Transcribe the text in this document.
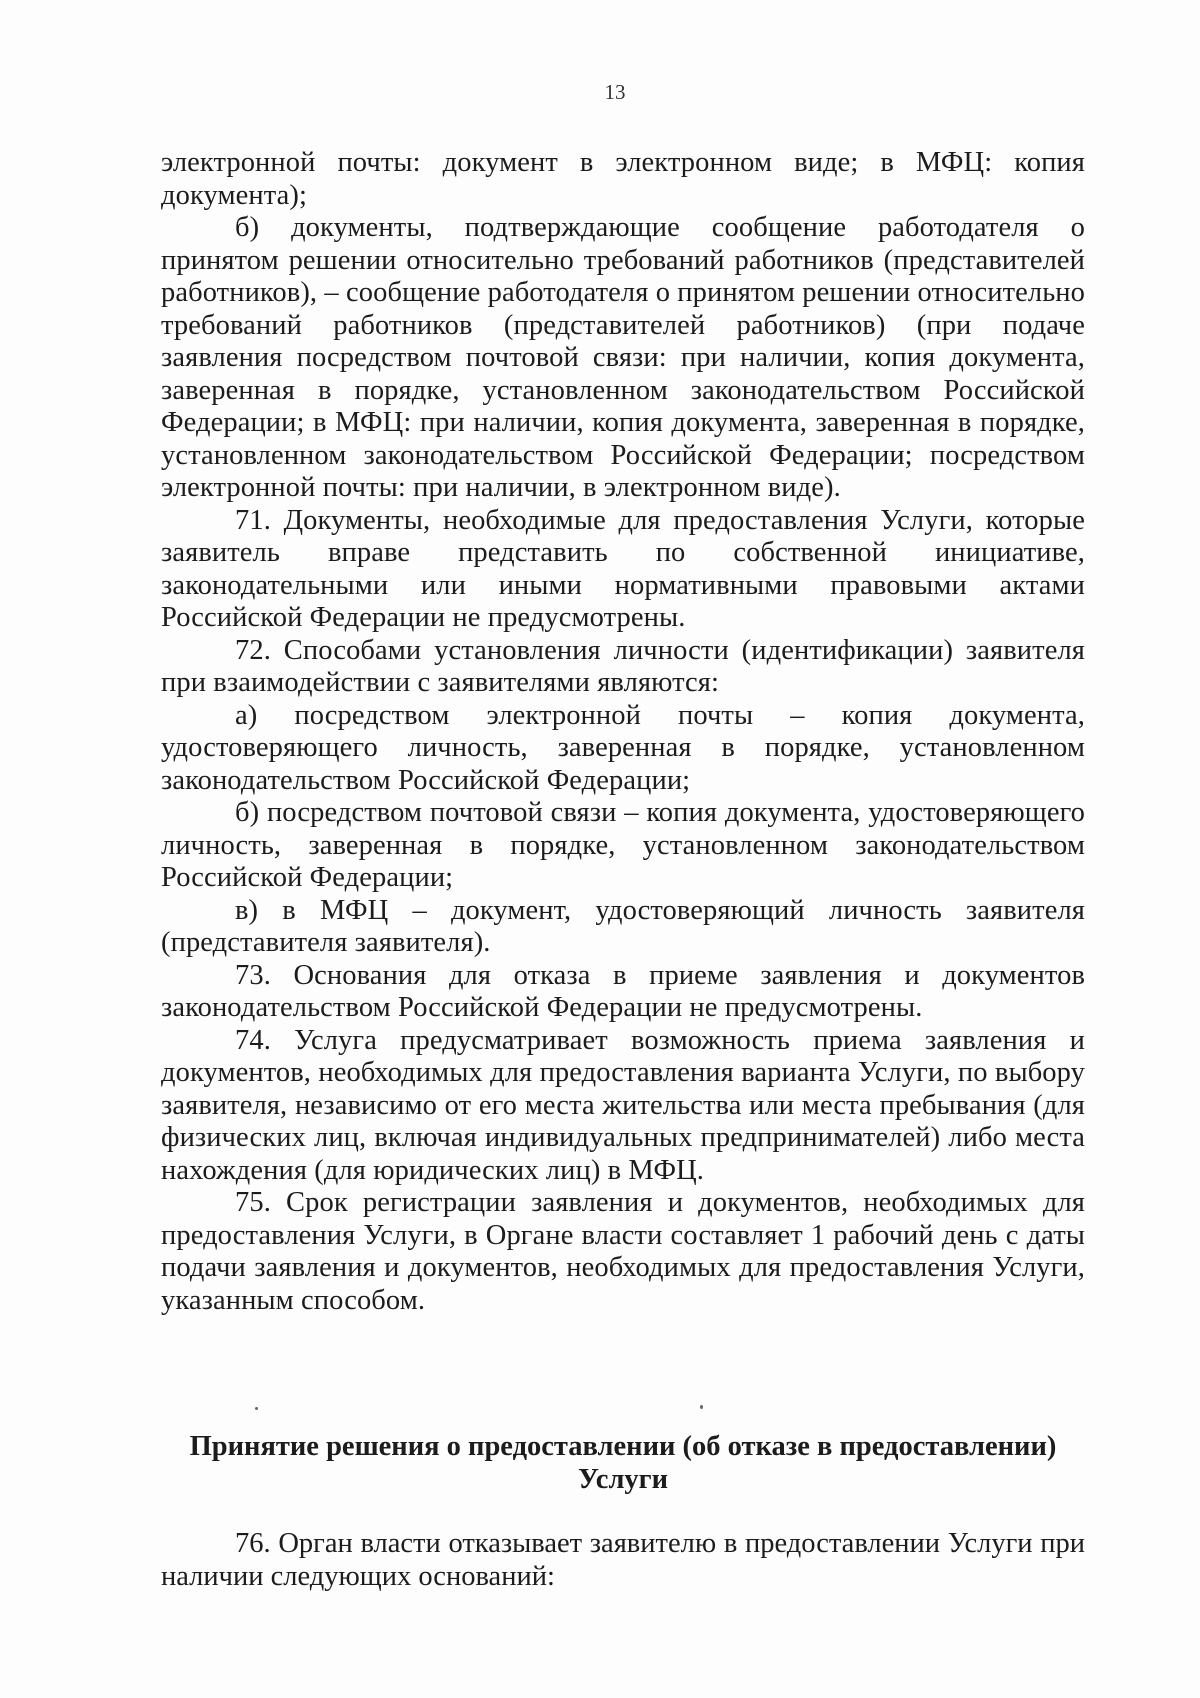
13

электронной почты: документ в электронном виде; в МФЦ: копия документа);

б) документы, подтверждающие сообщение работодателя о принятом решении относительно требований работников (представителей работников), – сообщение работодателя о принятом решении относительно требований работников (представителей работников) (при подаче заявления посредством почтовой связи: при наличии, копия документа, заверенная в порядке, установленном законодательством Российской Федерации; в МФЦ: при наличии, копия документа, заверенная в порядке, установленном законодательством Российской Федерации; посредством электронной почты: при наличии, в электронном виде).

71. Документы, необходимые для предоставления Услуги, которые заявитель вправе представить по собственной инициативе, законодательными или иными нормативными правовыми актами Российской Федерации не предусмотрены.

72. Способами установления личности (идентификации) заявителя при взаимодействии с заявителями являются:

а) посредством электронной почты – копия документа, удостоверяющего личность, заверенная в порядке, установленном законодательством Российской Федерации;

б) посредством почтовой связи – копия документа, удостоверяющего личность, заверенная в порядке, установленном законодательством Российской Федерации;

в) в МФЦ – документ, удостоверяющий личность заявителя (представителя заявителя).

73. Основания для отказа в приеме заявления и документов законодательством Российской Федерации не предусмотрены.

74. Услуга предусматривает возможность приема заявления и документов, необходимых для предоставления варианта Услуги, по выбору заявителя, независимо от его места жительства или места пребывания (для физических лиц, включая индивидуальных предпринимателей) либо места нахождения (для юридических лиц) в МФЦ.

75. Срок регистрации заявления и документов, необходимых для предоставления Услуги, в Органе власти составляет 1 рабочий день с даты подачи заявления и документов, необходимых для предоставления Услуги, указанным способом.

Принятие решения о предоставлении (об отказе в предоставлении)

Услуги

76. Орган власти отказывает заявителю в предоставлении Услуги при наличии следующих оснований:
